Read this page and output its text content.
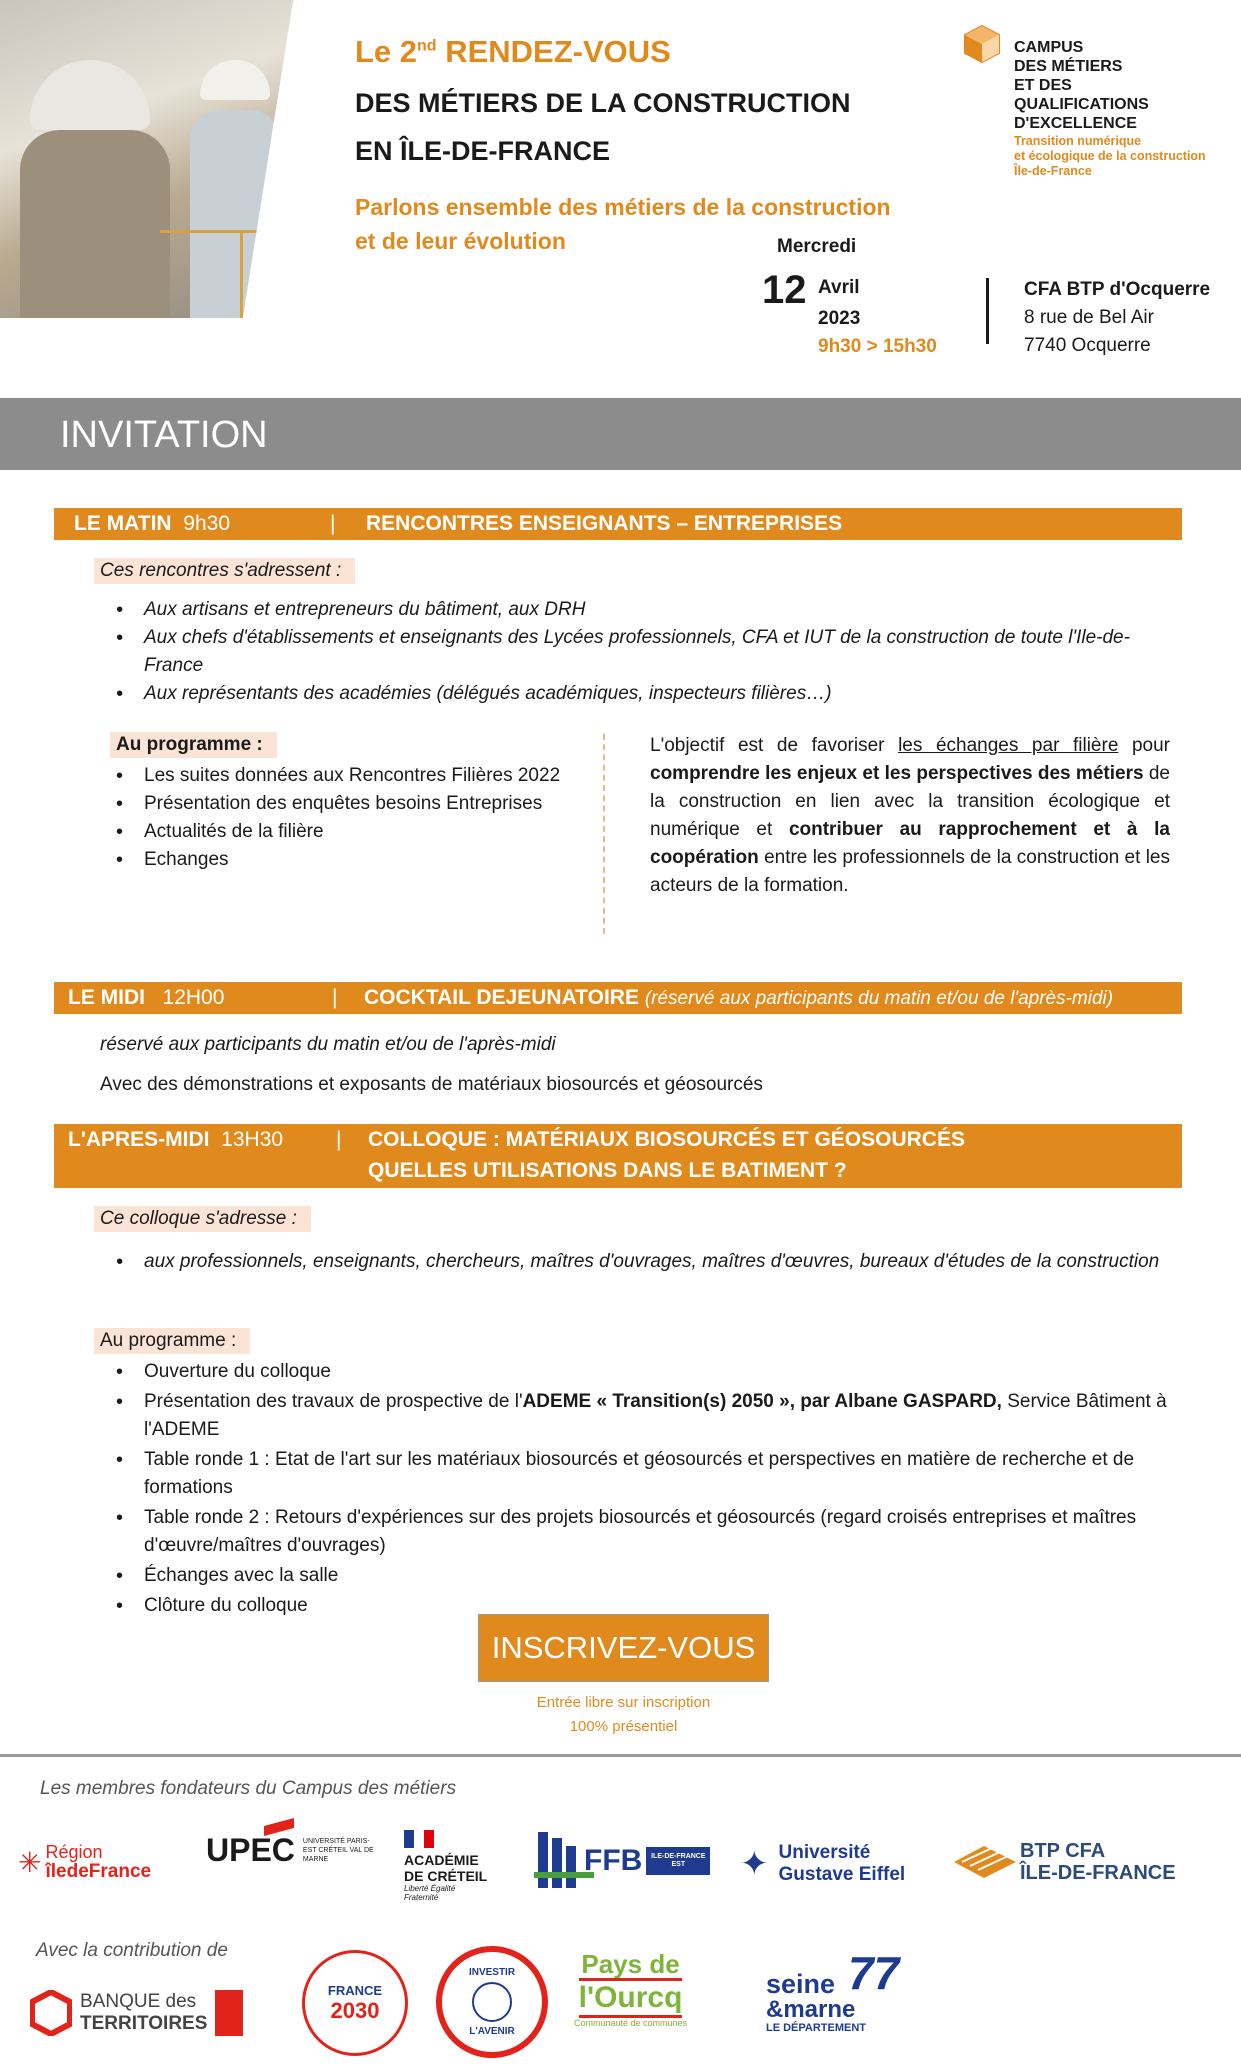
Le 2nd RENDEZ-VOUS
DES MÉTIERS DE LA CONSTRUCTION
EN ÎLE-DE-FRANCE
Parlons ensemble des métiers de la construction
et de leur évolution
CAMPUS
DES MÉTIERS
ET DES
QUALIFICATIONS
D'EXCELLENCE
Transition numérique
et écologique de la construction
Île-de-France
Mercredi
12 Avril
2023
9h30 > 15h30
CFA BTP d'Ocquerre
8 rue de Bel Air
7740 Ocquerre
INVITATION
LE MATIN 9h30	| RENCONTRES ENSEIGNANTS – ENTREPRISES
Ces rencontres s'adressent :
• Aux artisans et entrepreneurs du bâtiment, aux DRH
• Aux chefs d'établissements et enseignants des Lycées professionnels, CFA et IUT de la construction de toute l'Ile-de-France
• Aux représentants des académies (délégués académiques, inspecteurs filières…)
Au programme :
• Les suites données aux Rencontres Filières 2022
• Présentation des enquêtes besoins Entreprises
• Actualités de la filière
• Echanges
L'objectif est de favoriser les échanges par filière pour comprendre les enjeux et les perspectives des métiers de la construction en lien avec la transition écologique et numérique et contribuer au rapprochement et à la coopération entre les professionnels de la construction et les acteurs de la formation.
LE MIDI 12H00	| COCKTAIL DEJEUNATOIRE (réservé aux participants du matin et/ou de l'après-midi)
réservé aux participants du matin et/ou de l'après-midi
Avec des démonstrations et exposants de matériaux biosourcés et géosourcés
L'APRES-MIDI 13H30	| COLLOQUE : MATÉRIAUX BIOSOURCÉS ET GÉOSOURCÉS
QUELLES UTILISATIONS DANS LE BATIMENT ?
Ce colloque s'adresse :
• aux professionnels, enseignants, chercheurs, maîtres d'ouvrages, maîtres d'œuvres, bureaux d'études de la construction
Au programme :
• Ouverture du colloque
• Présentation des travaux de prospective de l'ADEME « Transition(s) 2050 », par Albane GASPARD, Service Bâtiment à l'ADEME
• Table ronde 1 : Etat de l'art sur les matériaux biosourcés et géosourcés et perspectives en matière de recherche et de formations
• Table ronde 2 : Retours d'expériences sur des projets biosourcés et géosourcés (regard croisés entreprises et maîtres d'œuvre/maîtres d'ouvrages)
• Échanges avec la salle
• Clôture du colloque
INSCRIVEZ-VOUS
Entrée libre sur inscription
100% présentiel
Les membres fondateurs du Campus des métiers
✳ Région
îledeFrance
UPEC UNIVERSITÉ PARIS-EST CRÉTEIL VAL DE MARNE	ACADÉMIE
DE CRÉTEIL
Liberté Égalité Fraternité
FFB	ILE-DE-FRANCE EST	✦ Université
Gustave Eiffel
BTP CFA
ÎLE-DE-FRANCE
Avec la contribution de
BANQUE des
TERRITOIRES
FRANCE
2030
INVESTIR
L'AVENIR
Pays de
l'Ourcq
Communauté de communes
77
seine
&marne
LE DÉPARTEMENT
